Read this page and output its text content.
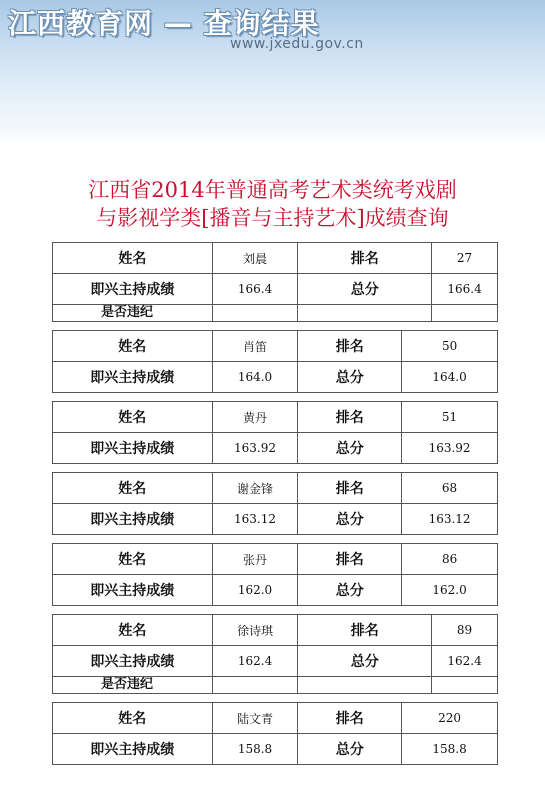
江西教育网 — 查询结果
www.jxedu.gov.cn
江西省2014年普通高考艺术类统考戏剧
与影视学类[播音与主持艺术]成绩查询
姓名	刘晨	排名	27
即兴主持成绩	166.4	总分	166.4
是否违纪			
姓名	肖笛	排名	50
即兴主持成绩	164.0	总分	164.0
姓名	黄丹	排名	51
即兴主持成绩	163.92	总分	163.92
姓名	谢金锋	排名	68
即兴主持成绩	163.12	总分	163.12
姓名	张丹	排名	86
即兴主持成绩	162.0	总分	162.0
姓名	徐诗琪	排名	89
即兴主持成绩	162.4	总分	162.4
是否违纪			
姓名	陆文青	排名	220
即兴主持成绩	158.8	总分	158.8
